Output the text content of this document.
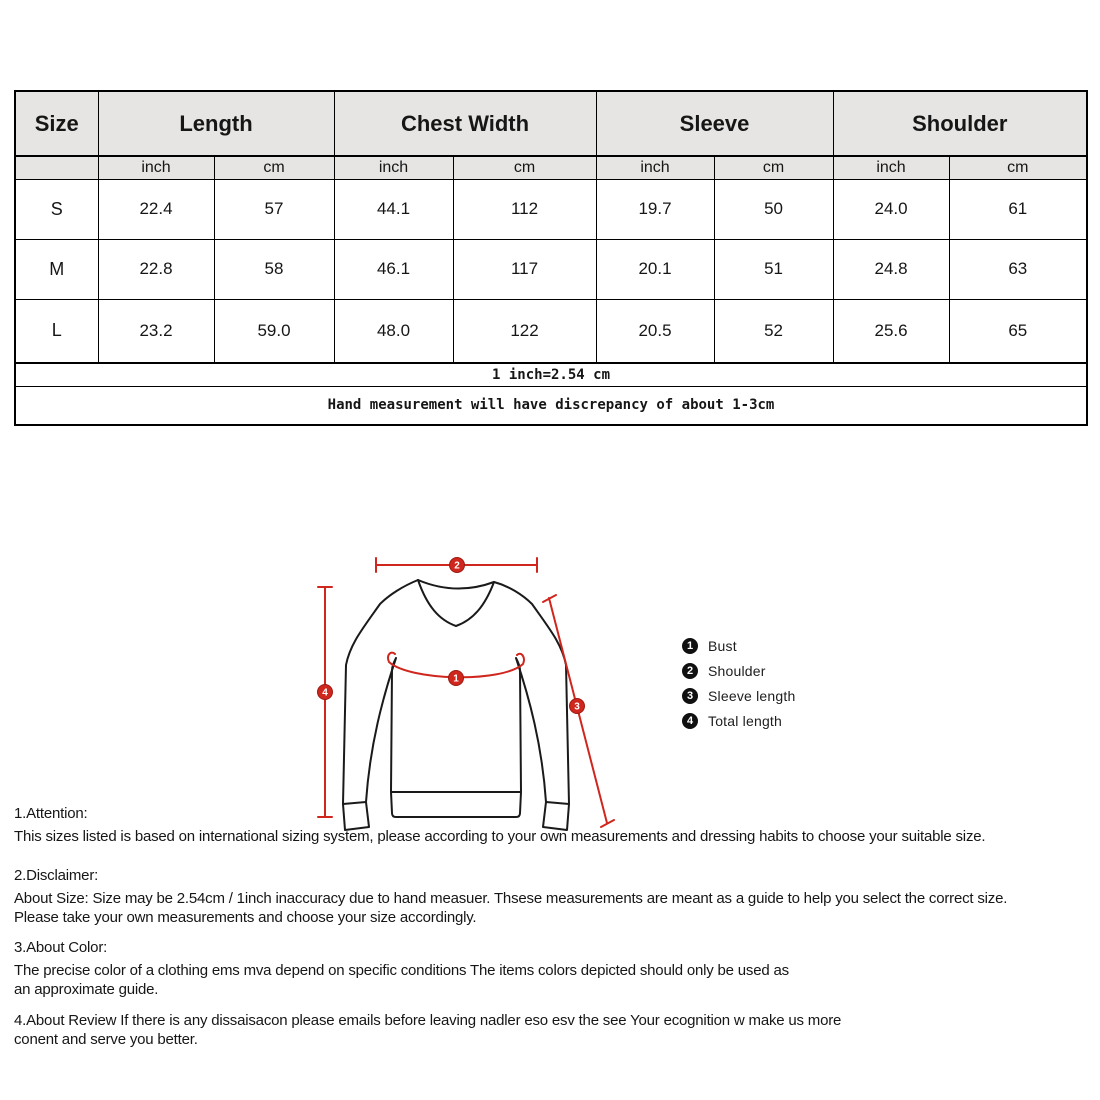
Size	Length		Chest Width		Sleeve		Shoulder	
	inch	cm	inch	cm	inch	cm	inch	cm
S	22.4	57	44.1	112	19.7	50	24.0	61
M	22.8	58	46.1	117	20.1	51	24.8	63
L	23.2	59.0	48.0	122	20.5	52	25.6	65
1 inch=2.54 cm								
Hand measurement will have discrepancy of about 1-3cm								
2
4
1
3
1	Bust
2	Shoulder
3	Sleeve length
4	Total length
1.Attention:
This sizes listed is based on international sizing system, please according to your own measurements and dressing habits to choose your suitable size.
2.Disclaimer:
About Size: Size may be 2.54cm / 1inch inaccuracy due to hand measuer. Thsese measurements are meant as a guide to help you select the correct size.
Please take your own measurements and choose your size accordingly.
3.About Color:
The precise color of a clothing ems mva depend on specific conditions The items colors depicted should only be used as
an approximate guide.
4.About Review If there is any dissaisacon please emails before leaving nadler eso esv the see Your ecognition w make us more
conent and serve you better.
